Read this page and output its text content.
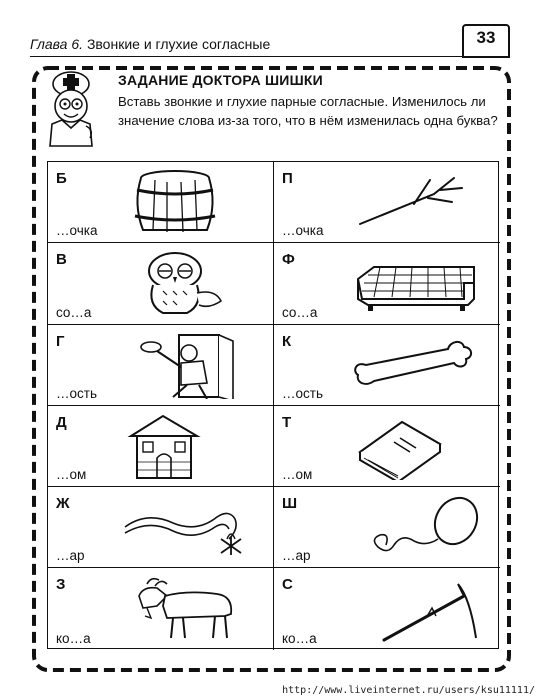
Глава 6. Звонкие и глухие согласные	33
ЗАДАНИЕ ДОКТОРА ШИШКИ
Вставь звонкие и глухие парные согласные. Изменилось ли значение слова из-за того, что в нём изменилась одна буква?
Б
…очка
П
…очка
В
со…а
Ф
со…а
Г
…ость
К
…ость
Д
…ом
Т
…ом
Ж
…ар
Ш
…ар
З
ко…а
С
ко…а
http://www.liveinternet.ru/users/ksu11111/
